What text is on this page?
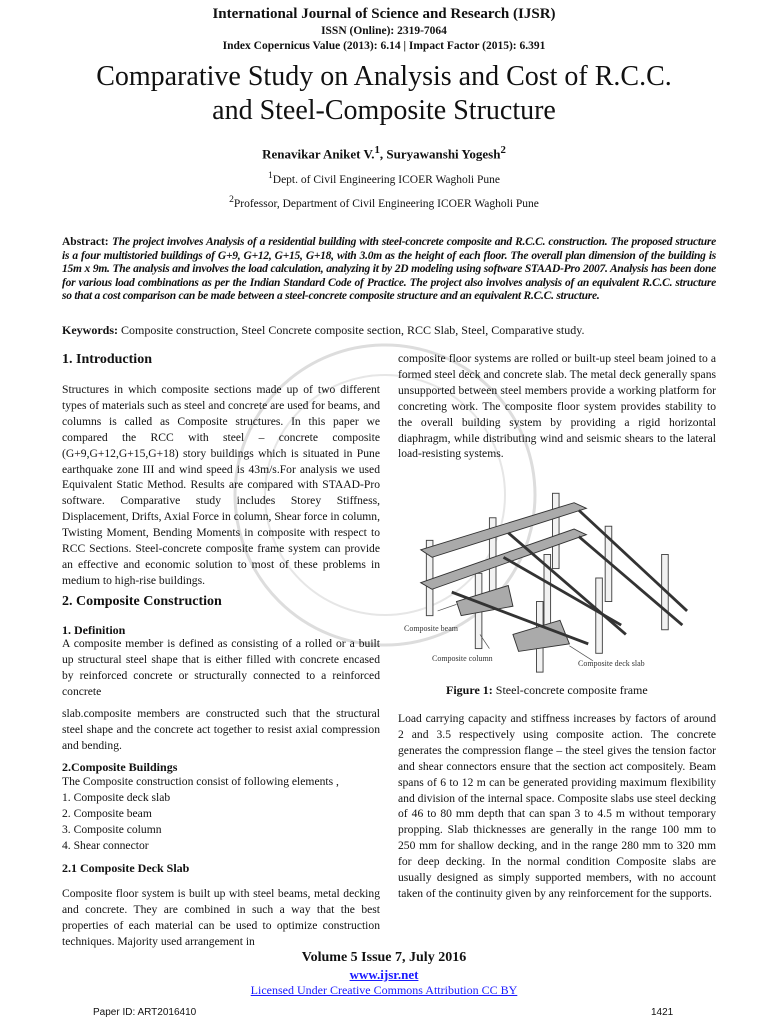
International Journal of Science and Research (IJSR)
ISSN (Online): 2319-7064
Index Copernicus Value (2013): 6.14 | Impact Factor (2015): 6.391
Comparative Study on Analysis and Cost of R.C.C.
and Steel-Composite Structure
Renavikar Aniket V.$^1$, Suryawanshi Yogesh$^2$
$^1$Dept. of Civil Engineering ICOER Wagholi Pune
$^2$Professor, Department of Civil Engineering ICOER Wagholi Pune
Abstract: The project involves Analysis of a residential building with steel-concrete composite and R.C.C. construction. The proposed structure is a four multistoried buildings of G+9, G+12, G+15, G+18, with 3.0m as the height of each floor. The overall plan dimension of the building is 15m x 9m. The analysis and involves the load calculation, analyzing it by 2D modeling using software STAAD-Pro 2007. Analysis has been done for various load combinations as per the Indian Standard Code of Practice. The project also involves analysis of an equivalent R.C.C. structure so that a cost comparison can be made between a steel-concrete composite structure and an equivalent R.C.C. structure.
Keywords: Composite construction, Steel Concrete composite section, RCC Slab, Steel, Comparative study.
1. Introduction
Structures in which composite sections made up of two different types of materials such as steel and concrete are used for beams, and columns is called as Composite structures. In this paper we compared the RCC with steel – concrete composite (G+9,G+12,G+15,G+18) story buildings which is situated in Pune earthquake zone III and wind speed is 43m/s.For analysis we used Equivalent Static Method. Results are compared with STAAD-Pro software. Comparative study includes Storey Stiffness, Displacement, Drifts, Axial Force in column, Shear force in column, Twisting Moment, Bending Moments in composite with respect to RCC Sections. Steel-concrete composite frame system can provide an effective and economic solution to most of these problems in medium to high-rise buildings.
2. Composite Construction
1. Definition
A composite member is defined as consisting of a rolled or a built up structural steel shape that is either filled with concrete encased by reinforced concrete or structurally connected to a reinforced concrete
slab.composite members are constructed such that the structural steel shape and the concrete act together to resist axial compression and bending.
2.Composite Buildings
The Composite construction consist of following elements ,
1. Composite deck slab
2. Composite beam
3. Composite column
4. Shear connector
2.1 Composite Deck Slab
Composite floor system is built up with steel beams, metal decking and concrete. They are combined in such a way that the best properties of each material can be used to optimize construction techniques. Majority used arrangement in
composite floor systems are rolled or built-up steel beam joined to a formed steel deck and concrete slab. The metal deck generally spans unsupported between steel members provide a working platform for concreting work. The composite floor system provides stability to the overall building system by providing a rigid horizontal diaphragm, while distributing wind and seismic shears to the lateral load-resisting systems.
Composite beam
Composite column
Composite deck slab
Figure 1: Steel-concrete composite frame
Load carrying capacity and stiffness increases by factors of around 2 and 3.5 respectively using composite action. The concrete generates the compression flange – the steel gives the tension factor and shear connectors ensure that the section act compositely. Beam spans of 6 to 12 m can be generated providing maximum flexibility and division of the internal space. Composite slabs use steel decking of 46 to 80 mm depth that can span 3 to 4.5 m without temporary propping. Slab thicknesses are generally in the range 100 mm to 250 mm for shallow decking, and in the range 280 mm to 320 mm for deep decking. In the normal condition Composite slabs are usually designed as simply supported members, with no account taken of the continuity given by any reinforcement for the supports.
Volume 5 Issue 7, July 2016
www.ijsr.net
Licensed Under Creative Commons Attribution CC BY
Paper ID: ART2016410	1421
